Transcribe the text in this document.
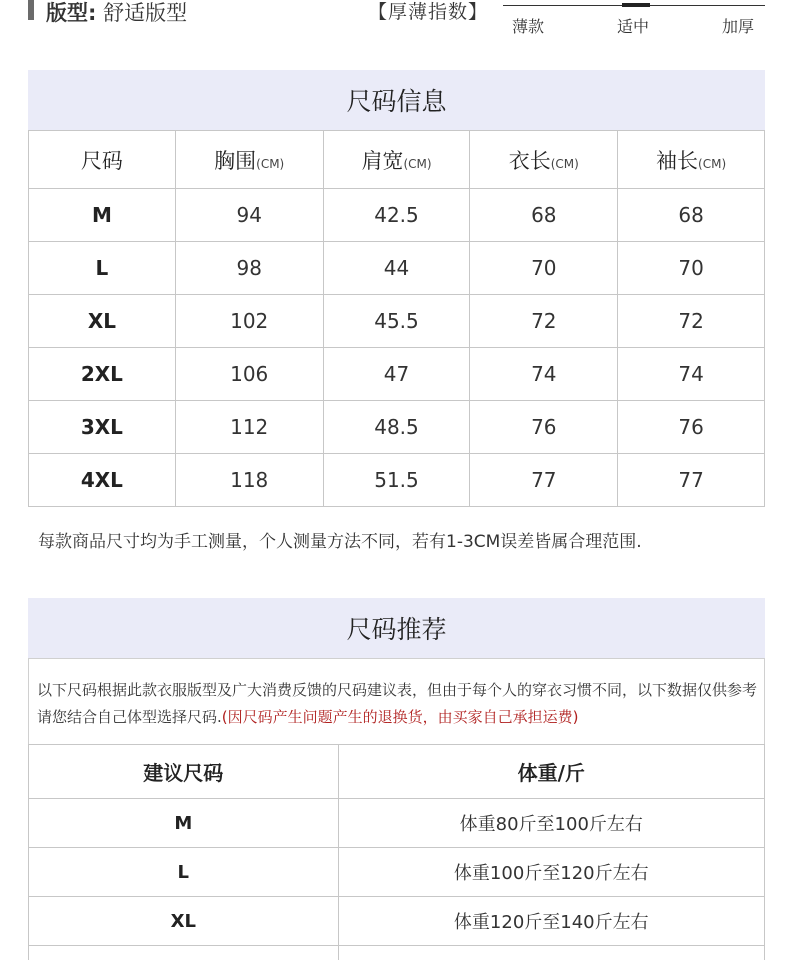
版型: 舒适版型	【厚薄指数】
薄款	适中	加厚
尺码信息
尺码	胸围(CM)	肩宽(CM)	衣长(CM)	袖长(CM)
M	94	42.5	68	68
L	98	44	70	70
XL	102	45.5	72	72
2XL	106	47	74	74
3XL	112	48.5	76	76
4XL	118	51.5	77	77
每款商品尺寸均为手工测量，个人测量方法不同，若有1-3CM误差皆属合理范围.
尺码推荐
以下尺码根据此款衣服版型及广大消费反馈的尺码建议表，但由于每个人的穿衣习惯不同，以下数据仅供参考请您结合自己体型选择尺码.(因尺码产生问题产生的退换货，由买家自己承担运费)
建议尺码	体重/斤
M	体重80斤至100斤左右
L	体重100斤至120斤左右
XL	体重120斤至140斤左右
